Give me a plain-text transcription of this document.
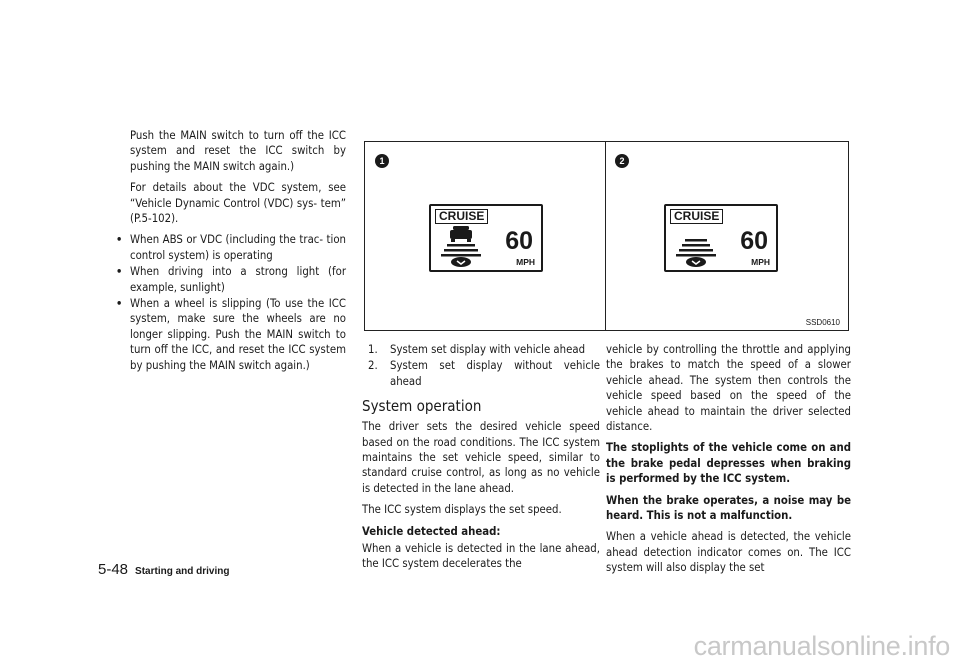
Push the MAIN switch to turn off the ICC system and reset the ICC switch by pushing the MAIN switch again.)

For details about the VDC system, see “Vehicle Dynamic Control (VDC) sys- tem” (P.5-102).

• When ABS or VDC (including the trac- tion control system) is operating
• When driving into a strong light (for example, sunlight)
• When a wheel is slipping (To use the ICC system, make sure the wheels are no longer slipping. Push the MAIN switch to turn off the ICC, and reset the ICC system by pushing the MAIN switch again.)
1	2
CRUISE
60
MPH
CRUISE
60
MPH
SSD0610
1. System set display with vehicle ahead
2. System set display without vehicle ahead
System operation

The driver sets the desired vehicle speed based on the road conditions. The ICC system maintains the set vehicle speed, similar to standard cruise control, as long as no vehicle is detected in the lane ahead.

The ICC system displays the set speed.

Vehicle detected ahead:

When a vehicle is detected in the lane ahead, the ICC system decelerates the

vehicle by controlling the throttle and applying the brakes to match the speed of a slower vehicle ahead. The system then controls the vehicle speed based on the speed of the vehicle ahead to maintain the driver selected distance.

The stoplights of the vehicle come on and the brake pedal depresses when braking is performed by the ICC system.

When the brake operates, a noise may be heard. This is not a malfunction.

When a vehicle ahead is detected, the vehicle ahead detection indicator comes on. The ICC system will also display the set

5-48 Starting and driving
carmanualsonline.info
